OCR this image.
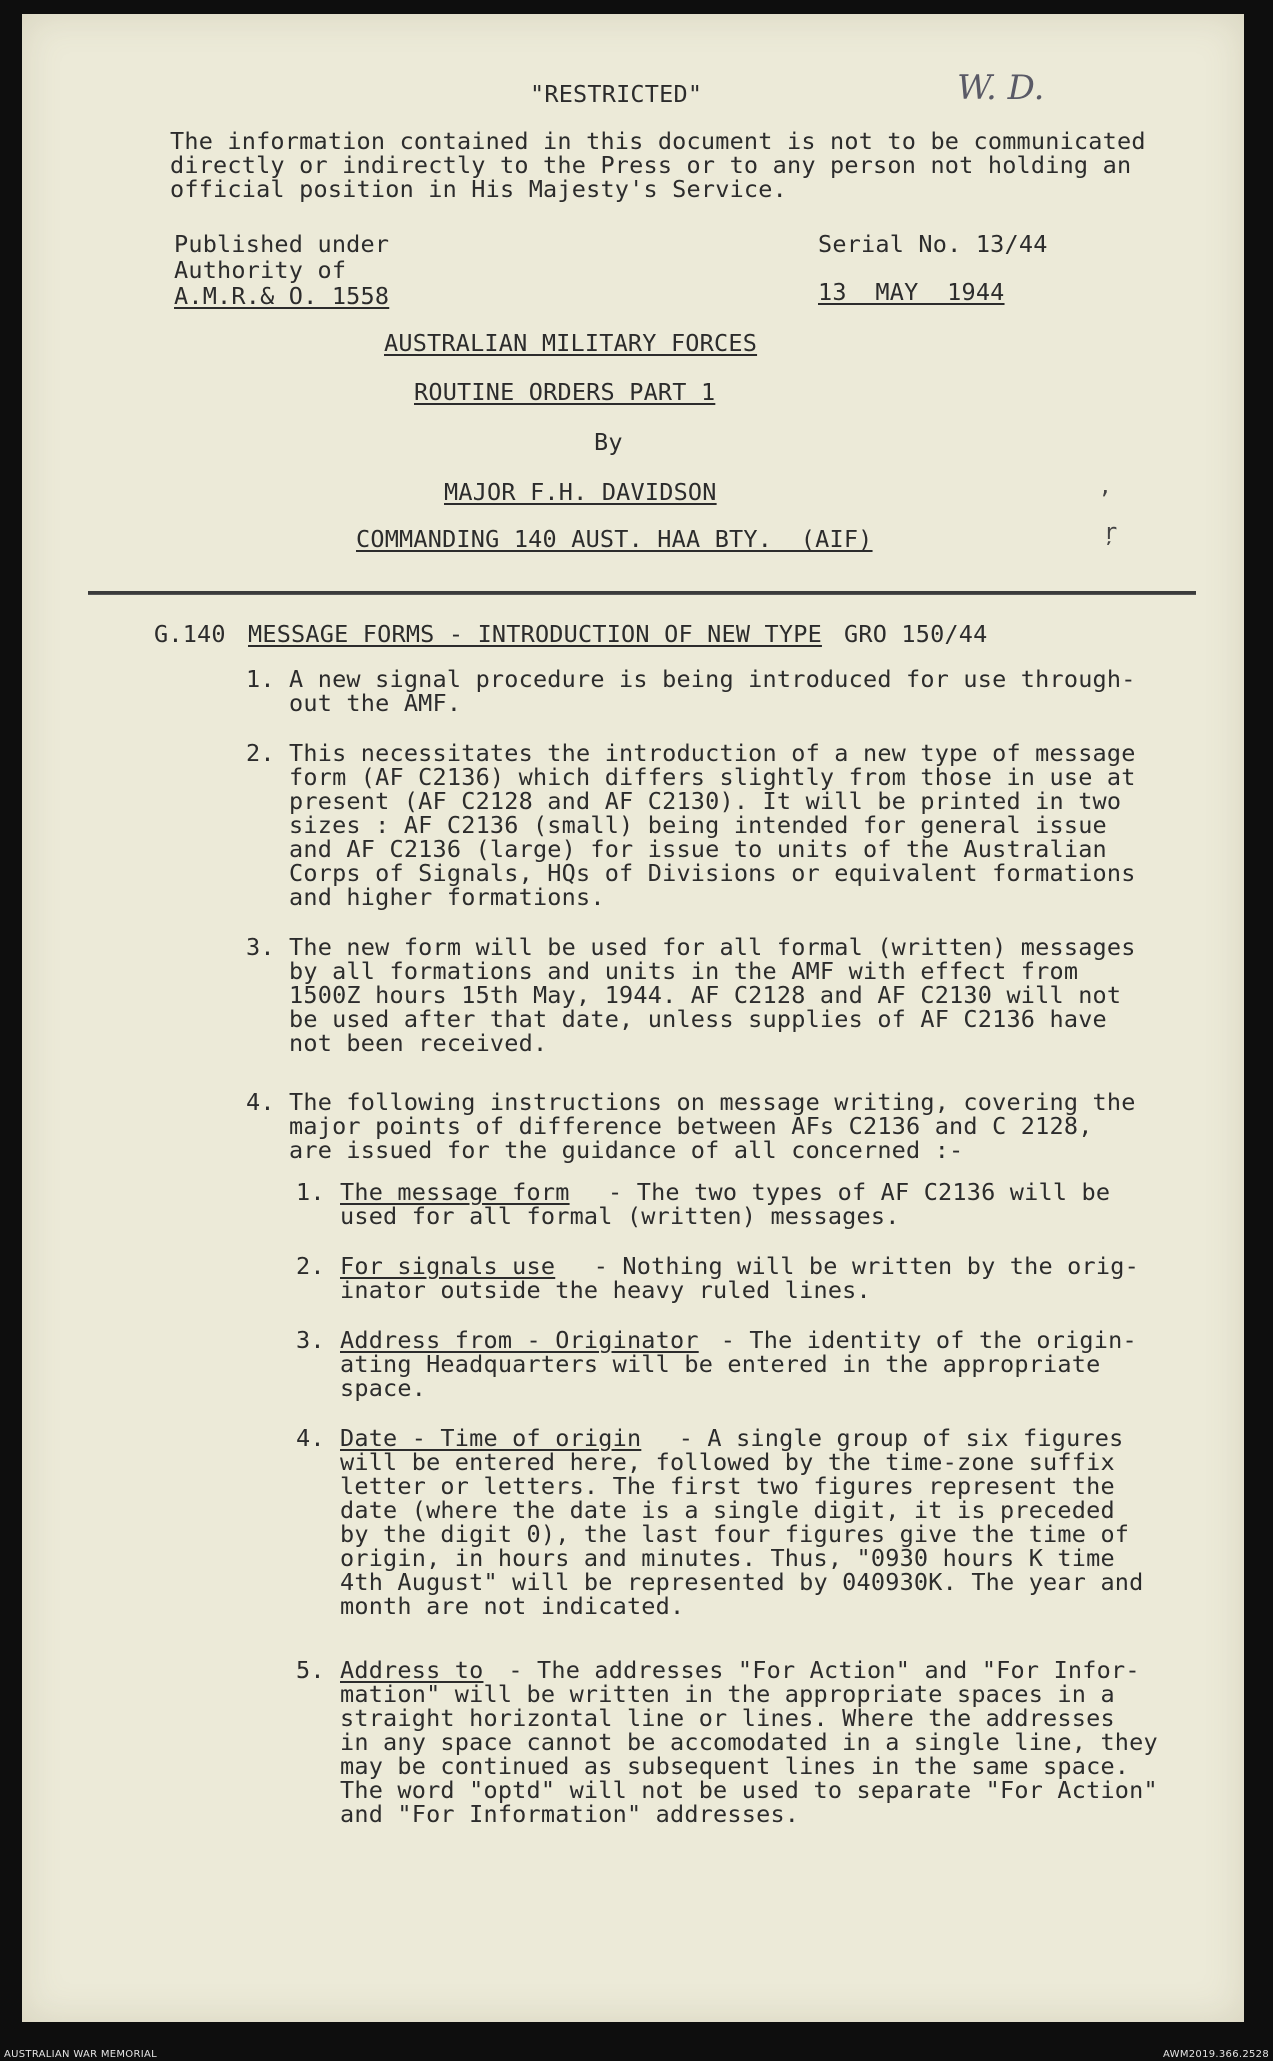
"RESTRICTED"	W. D.
The information contained in this document is not to be communicated
directly or indirectly to the Press or to any person not holding an
official position in His Majesty's Service.
Published under
Authority of
A.M.R.& O. 1558
Serial No. 13/44
13  MAY  1944
AUSTRALIAN MILITARY FORCES
ROUTINE ORDERS PART 1
By
MAJOR F.H. DAVIDSON
COMMANDING 140 AUST. HAA BTY.  (AIF)
’
ŗ
G.140 MESSAGE FORMS - INTRODUCTION OF NEW TYPE GRO 150/44
1. A new signal procedure is being introduced for use through-
out the AMF.
2. This necessitates the introduction of a new type of message
form (AF C2136) which differs slightly from those in use at
present (AF C2128 and AF C2130). It will be printed in two
sizes : AF C2136 (small) being intended for general issue
and AF C2136 (large) for issue to units of the Australian
Corps of Signals, HQs of Divisions or equivalent formations
and higher formations.
3. The new form will be used for all formal (written) messages
by all formations and units in the AMF with effect from
1500Z hours 15th May, 1944. AF C2128 and AF C2130 will not
be used after that date, unless supplies of AF C2136 have
not been received.
4. The following instructions on message writing, covering the
major points of difference between AFs C2136 and C 2128,
are issued for the guidance of all concerned :-
1. The message form
- The two types of AF C2136 will be
used for all formal (written) messages.
2. For signals use - Nothing will be written by the orig-
inator outside the heavy ruled lines.
3. Address from - Originator
- The identity of the origin-
ating Headquarters will be entered in the appropriate
space.
4. Date - Time of origin - A single group of six figures
will be entered here, followed by the time-zone suffix
letter or letters. The first two figures represent the
date (where the date is a single digit, it is preceded
by the digit 0), the last four figures give the time of
origin, in hours and minutes. Thus, "0930 hours K time
4th August" will be represented by 040930K. The year and
month are not indicated.
5. Address to - The addresses "For Action" and "For Infor-
mation" will be written in the appropriate spaces in a
straight horizontal line or lines. Where the addresses
in any space cannot be accomodated in a single line, they
may be continued as subsequent lines in the same space.
The word "optd" will not be used to separate "For Action"
and "For Information" addresses.
AUSTRALIAN WAR MEMORIAL	AWM2019.366.2528
